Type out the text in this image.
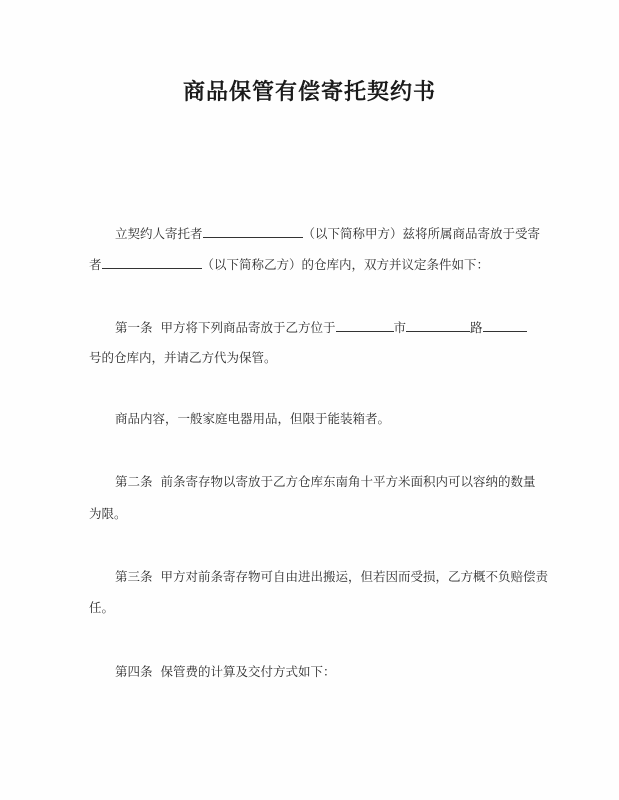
商品保管有偿寄托契约书
立契约人寄托者	（以下简称甲方）兹将所属商品寄放于受寄
者	（以下简称乙方）的仓库内，双方并议定条件如下：
第一条 甲方将下列商品寄放于乙方位于	市	路
号的仓库内，并请乙方代为保管。
商品内容，一般家庭电器用品，但限于能装箱者。
第二条 前条寄存物以寄放于乙方仓库东南角十平方米面积内可以容纳的数量
为限。
第三条 甲方对前条寄存物可自由进出搬运，但若因而受损，乙方概不负赔偿责
任。
第四条 保管费的计算及交付方式如下：
